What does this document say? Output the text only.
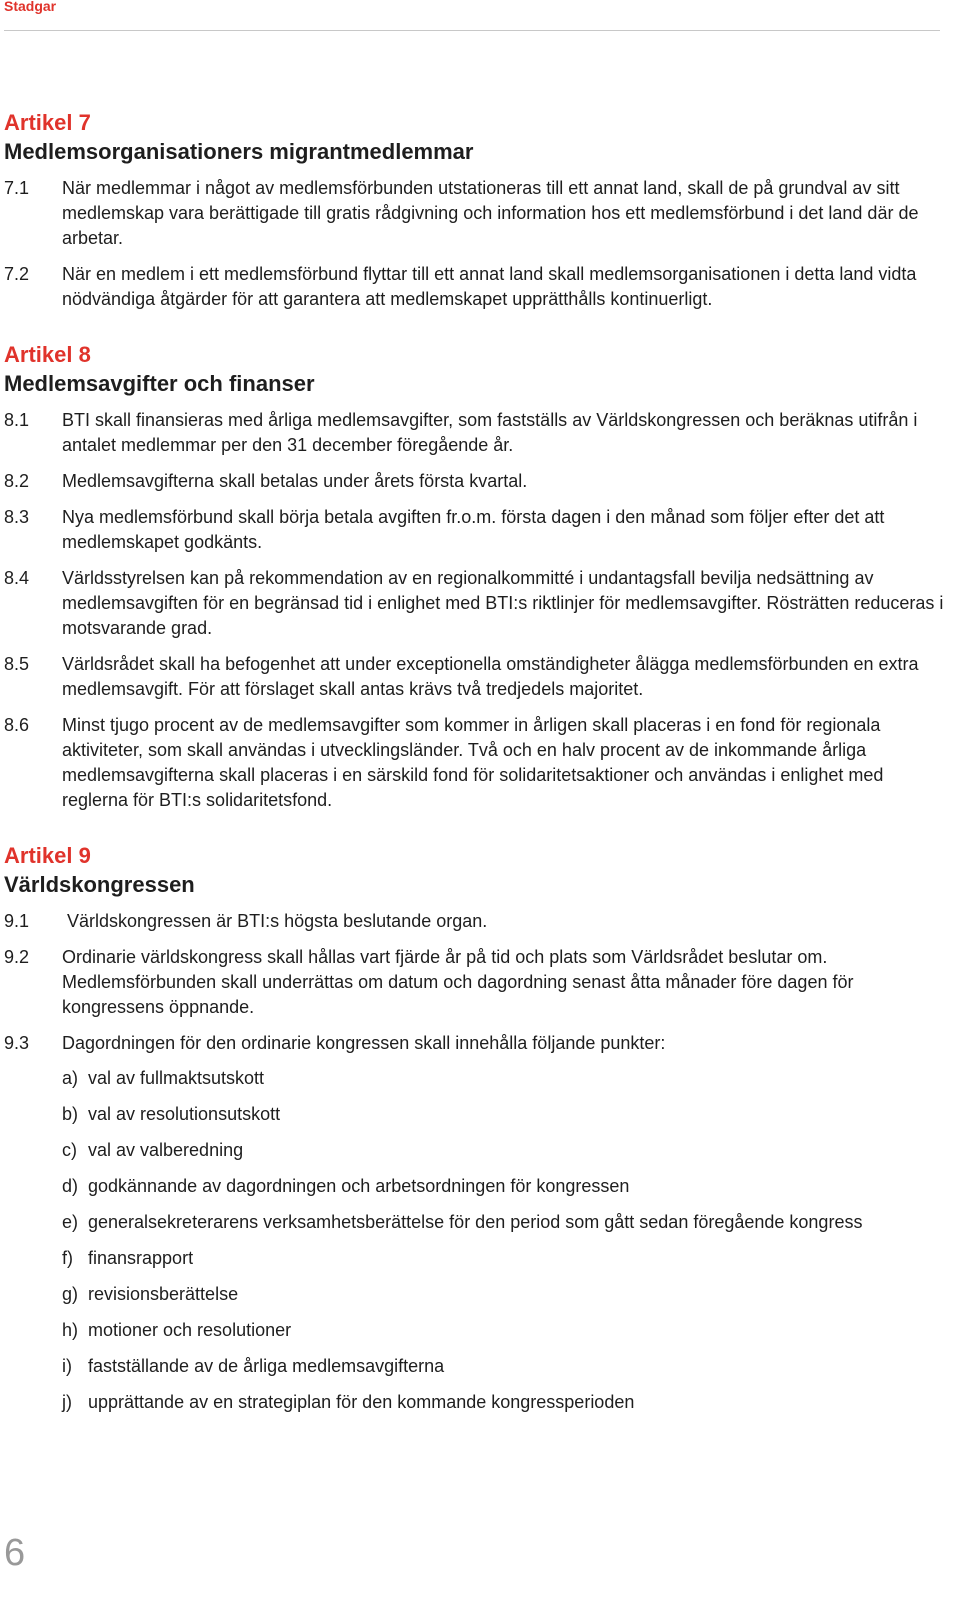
Stadgar
Artikel 7
Medlemsorganisationers migrantmedlemmar
7.1	När medlemmar i något av medlemsförbunden utstationeras till ett annat land, skall de på grundval av sitt medlemskap vara berättigade till gratis rådgivning och information hos ett medlemsförbund i det land där de arbetar.
7.2	När en medlem i ett medlemsförbund flyttar till ett annat land skall medlemsorganisationen i detta land vidta nödvändiga åtgärder för att garantera att medlemskapet upprätthålls kontinuerligt.
Artikel 8
Medlemsavgifter och finanser
8.1	BTI skall finansieras med årliga medlemsavgifter, som fastställs av Världskongressen och beräknas utifrån i antalet medlemmar per den 31 december föregående år.
8.2	Medlemsavgifterna skall betalas under årets första kvartal.
8.3	Nya medlemsförbund skall börja betala avgiften fr.o.m. första dagen i den månad som följer efter det att medlemskapet godkänts.
8.4	Världsstyrelsen kan på rekommendation av en regionalkommitté i undantagsfall bevilja nedsättning av medlemsavgiften för en begränsad tid i enlighet med BTI:s riktlinjer för medlemsavgifter. Rösträtten reduceras i motsvarande grad.
8.5	Världsrådet skall ha befogenhet att under exceptionella omständigheter ålägga medlemsförbunden en extra medlemsavgift. För att förslaget skall antas krävs två tredjedels majoritet.
8.6	Minst tjugo procent av de medlemsavgifter som kommer in årligen skall placeras i en fond för regionala aktiviteter, som skall användas i utvecklingsländer. Två och en halv procent av de inkommande årliga medlemsavgifterna skall placeras i en särskild fond för solidaritetsaktioner och användas i enlighet med reglerna för BTI:s solidaritetsfond.
Artikel 9
Världskongressen
9.1	Världskongressen är BTI:s högsta beslutande organ.
9.2	Ordinarie världskongress skall hållas vart fjärde år på tid och plats som Världsrådet beslutar om. Medlemsförbunden skall underrättas om datum och dagordning senast åtta månader före dagen för kongressens öppnande.
9.3	Dagordningen för den ordinarie kongressen skall innehålla följande punkter:
a) val av fullmaktsutskott
b) val av resolutionsutskott
c) val av valberedning
d) godkännande av dagordningen och arbetsordningen för kongressen
e) generalsekreterarens verksamhetsberättelse för den period som gått sedan föregående kongress
f) finansrapport
g) revisionsberättelse
h) motioner och resolutioner
i) fastställande av de årliga medlemsavgifterna
j) upprättande av en strategiplan för den kommande kongressperioden
6
